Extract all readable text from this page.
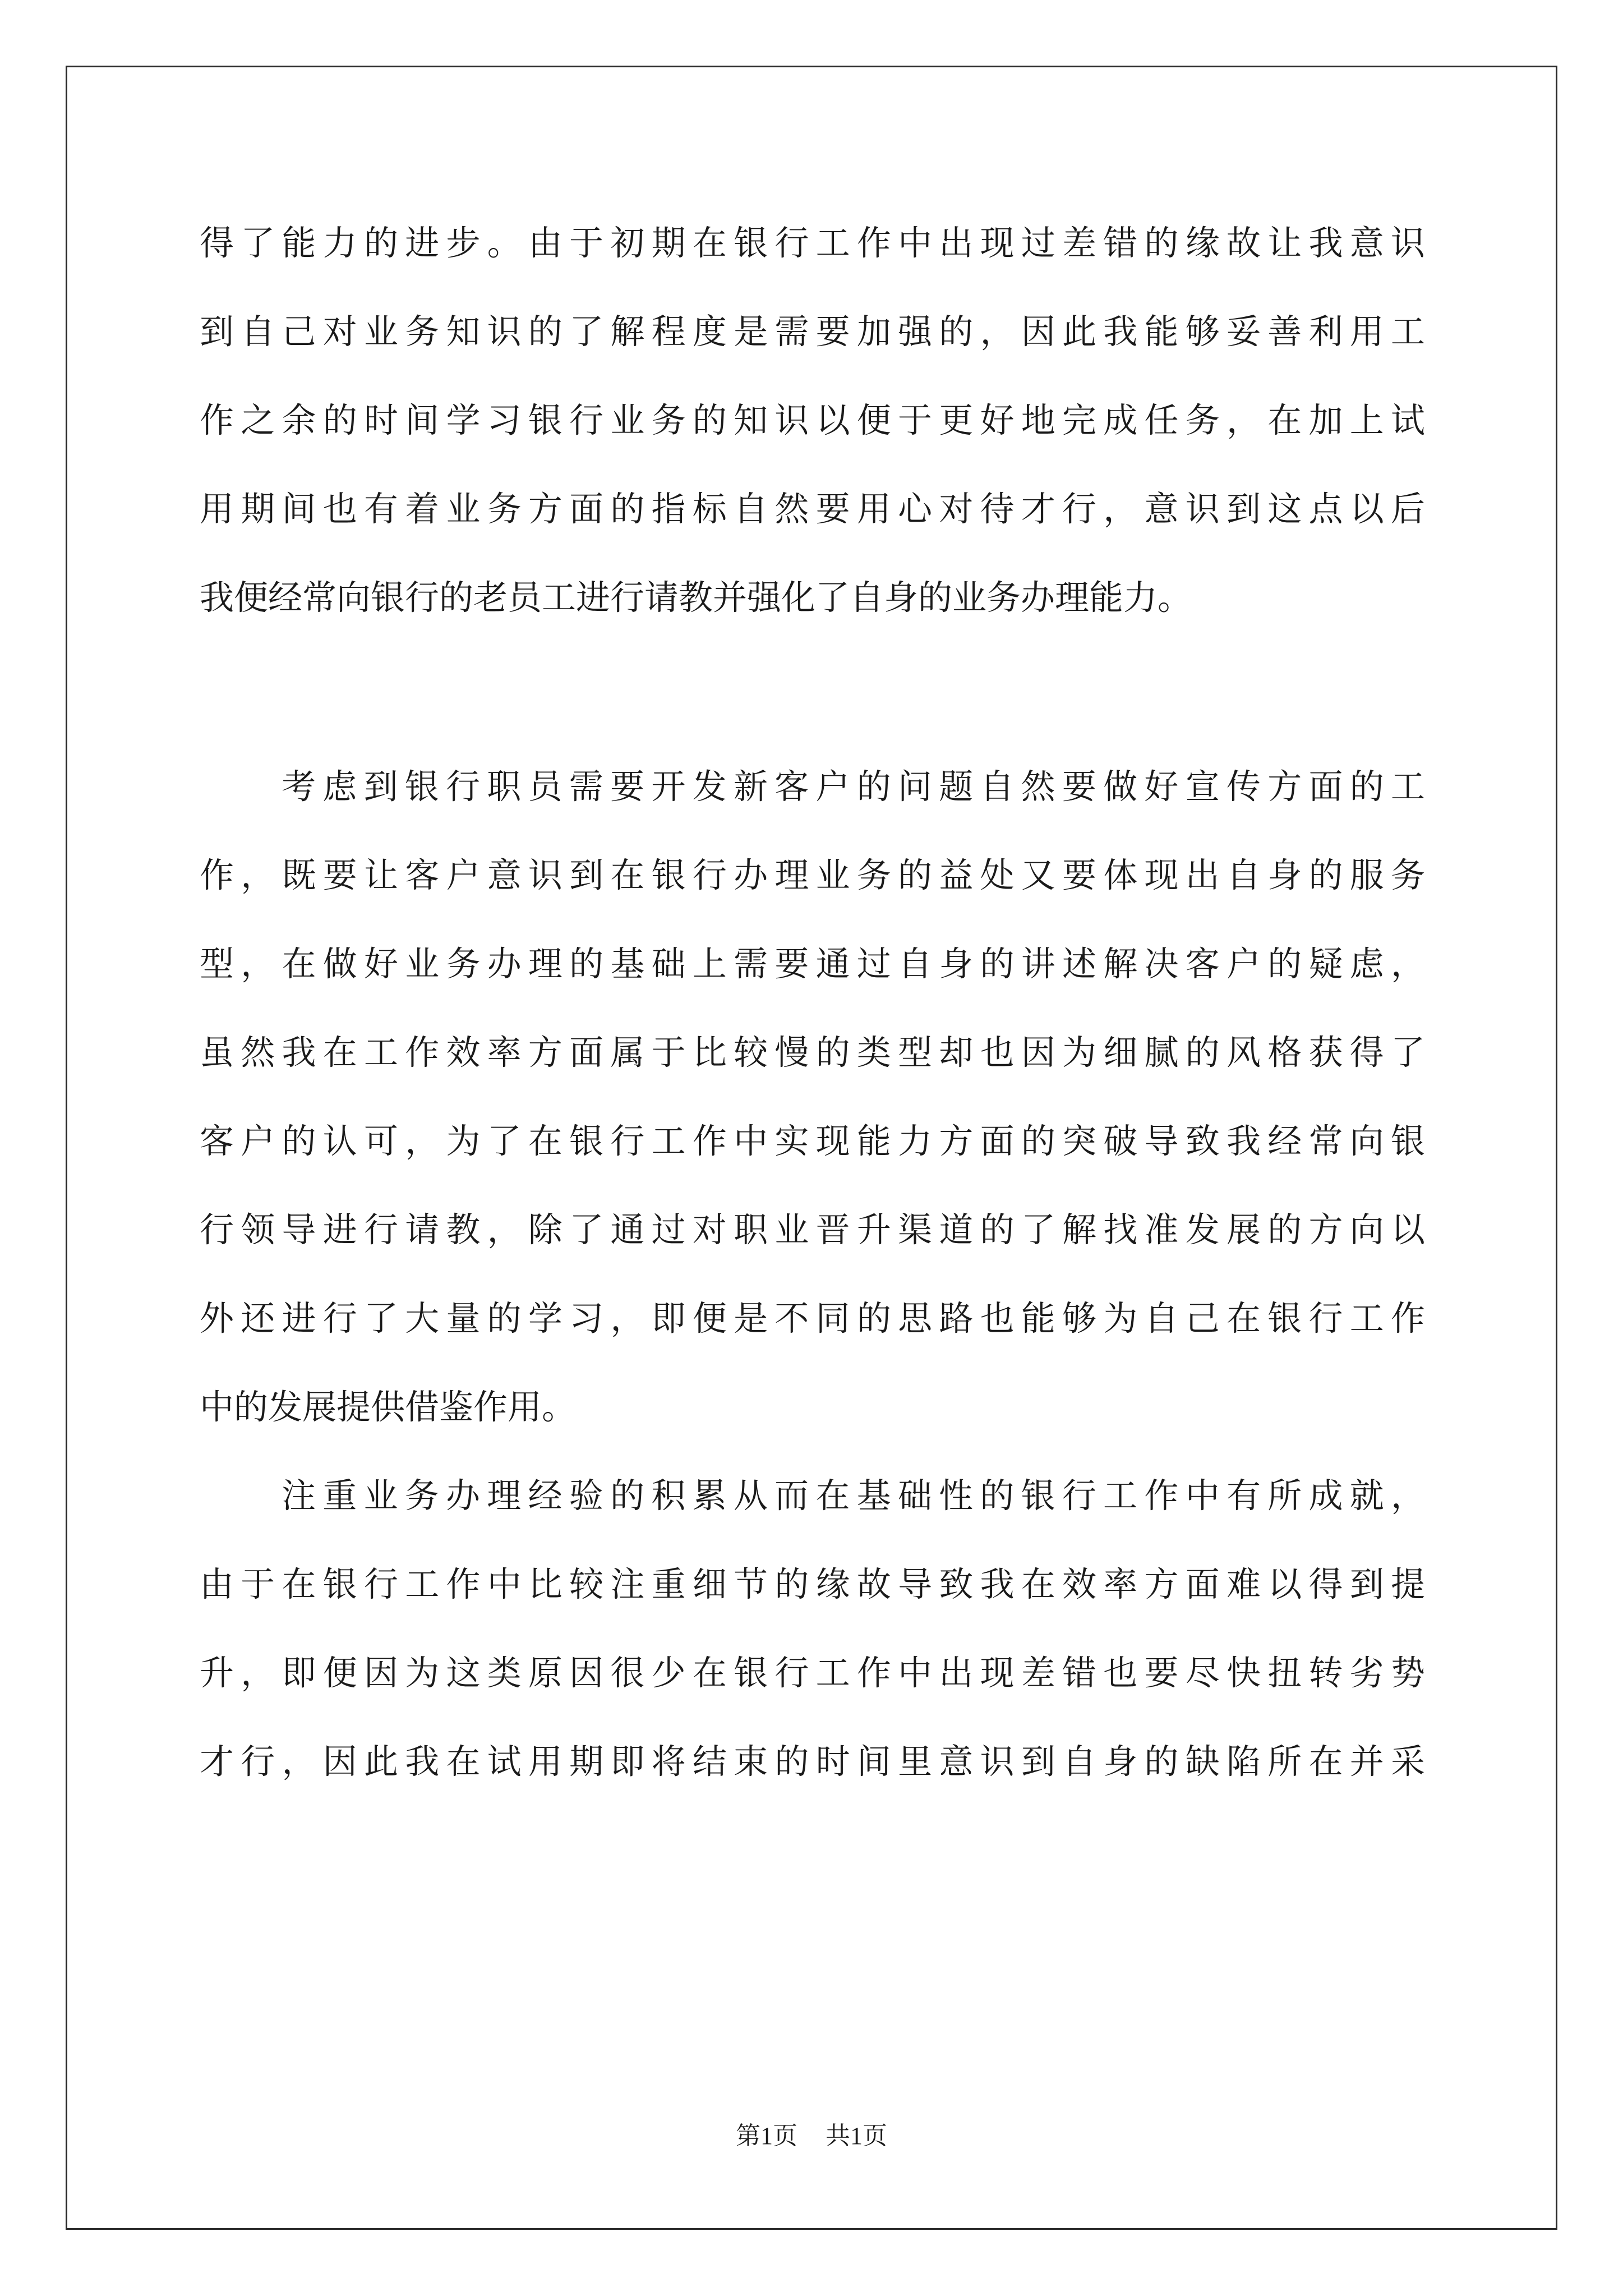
得了能力的进步。由于初期在银行工作中出现过差错的缘故让我意识
到自己对业务知识的了解程度是需要加强的，因此我能够妥善利用工
作之余的时间学习银行业务的知识以便于更好地完成任务，在加上试
用期间也有着业务方面的指标自然要用心对待才行，意识到这点以后
我便经常向银行的老员工进行请教并强化了自身的业务办理能力。
考虑到银行职员需要开发新客户的问题自然要做好宣传方面的工
作，既要让客户意识到在银行办理业务的益处又要体现出自身的服务
型，在做好业务办理的基础上需要通过自身的讲述解决客户的疑虑，
虽然我在工作效率方面属于比较慢的类型却也因为细腻的风格获得了
客户的认可，为了在银行工作中实现能力方面的突破导致我经常向银
行领导进行请教，除了通过对职业晋升渠道的了解找准发展的方向以
外还进行了大量的学习，即便是不同的思路也能够为自己在银行工作
中的发展提供借鉴作用。
注重业务办理经验的积累从而在基础性的银行工作中有所成就，
由于在银行工作中比较注重细节的缘故导致我在效率方面难以得到提
升，即便因为这类原因很少在银行工作中出现差错也要尽快扭转劣势
才行，因此我在试用期即将结束的时间里意识到自身的缺陷所在并采
第1页 共1页
